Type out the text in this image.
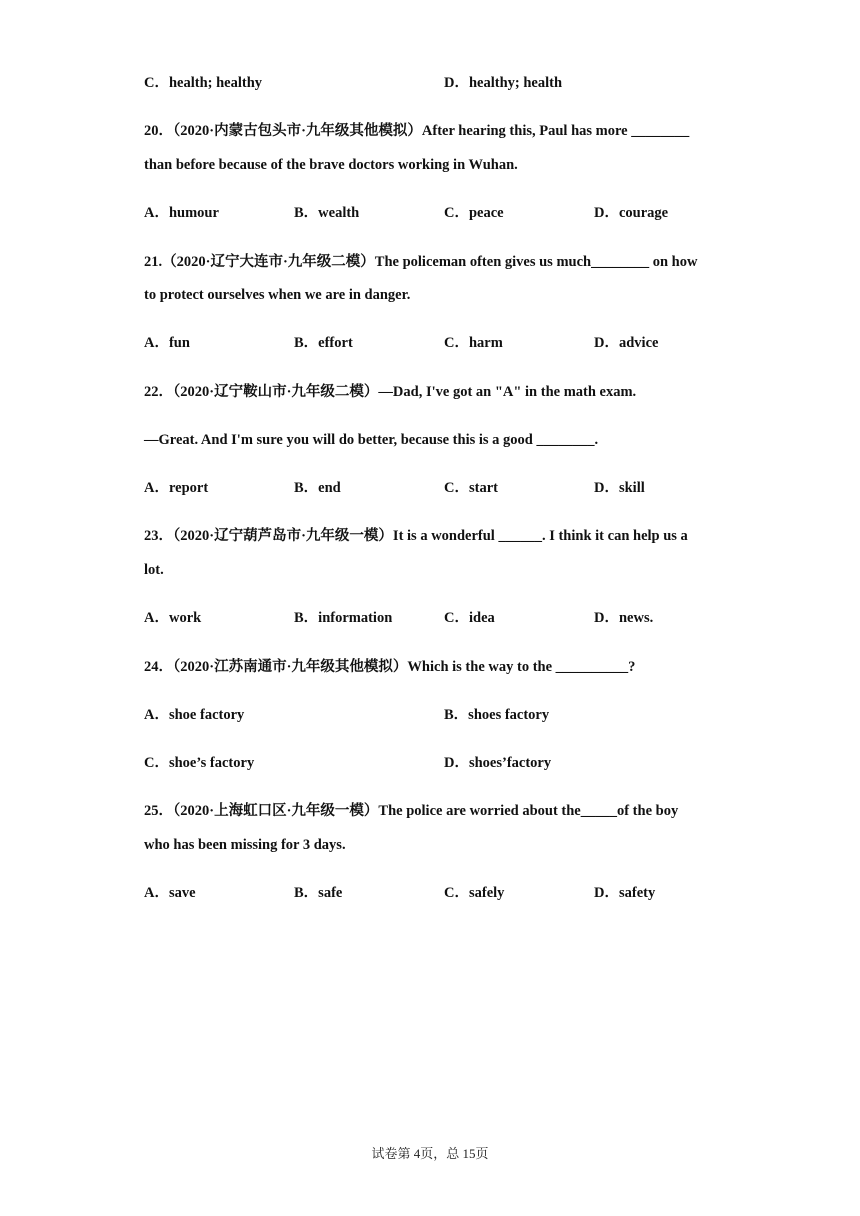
C．health; healthy	D．healthy; health
20．（2020·内蒙古包头市·九年级其他模拟）After hearing this, Paul has more ________
than before because of the brave doctors working in Wuhan.
A．humour	B．wealth	C．peace	D．courage
21.（2020·辽宁大连市·九年级二模）The policeman often gives us much________ on how
to protect ourselves when we are in danger.
A．fun	B．effort	C．harm	D．advice
22．（2020·辽宁鞍山市·九年级二模）—Dad, I've got an "A" in the math exam.
—Great. And I'm sure you will do better, because this is a good ________.
A．report	B．end	C．start	D．skill
23．（2020·辽宁葫芦岛市·九年级一模）It is a wonderful ______. I think it can help us a
lot.
A．work	B．information	C．idea	D．news.
24．（2020·江苏南通市·九年级其他模拟）Which is the way to the __________?
A．shoe factory	B．shoes factory
C．shoe’s factory	D．shoes’factory
25．（2020·上海虹口区·九年级一模）The police are worried about the_____of the boy
who has been missing for 3 days.
A．save	B．safe	C．safely	D．safety
试卷第 4页，总 15页
